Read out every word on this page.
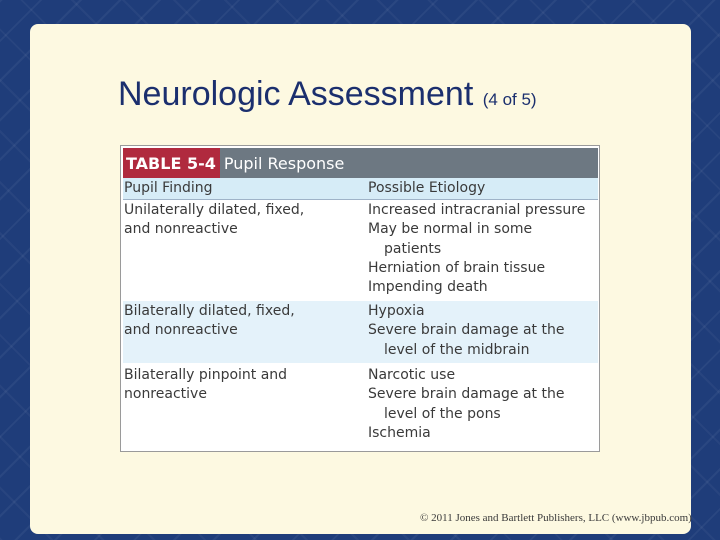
Neurologic Assessment (4 of 5)
TABLE 5-4 Pupil Response
Pupil Finding	Possible Etiology
Unilaterally dilated, fixed,
and nonreactive
Increased intracranial pressure
May be normal in some
patients
Herniation of brain tissue
Impending death
Bilaterally dilated, fixed,
and nonreactive
Hypoxia
Severe brain damage at the
level of the midbrain
Bilaterally pinpoint and
nonreactive
Narcotic use
Severe brain damage at the
level of the pons
Ischemia
© 2011 Jones and Bartlett Publishers, LLC (www.jbpub.com)
